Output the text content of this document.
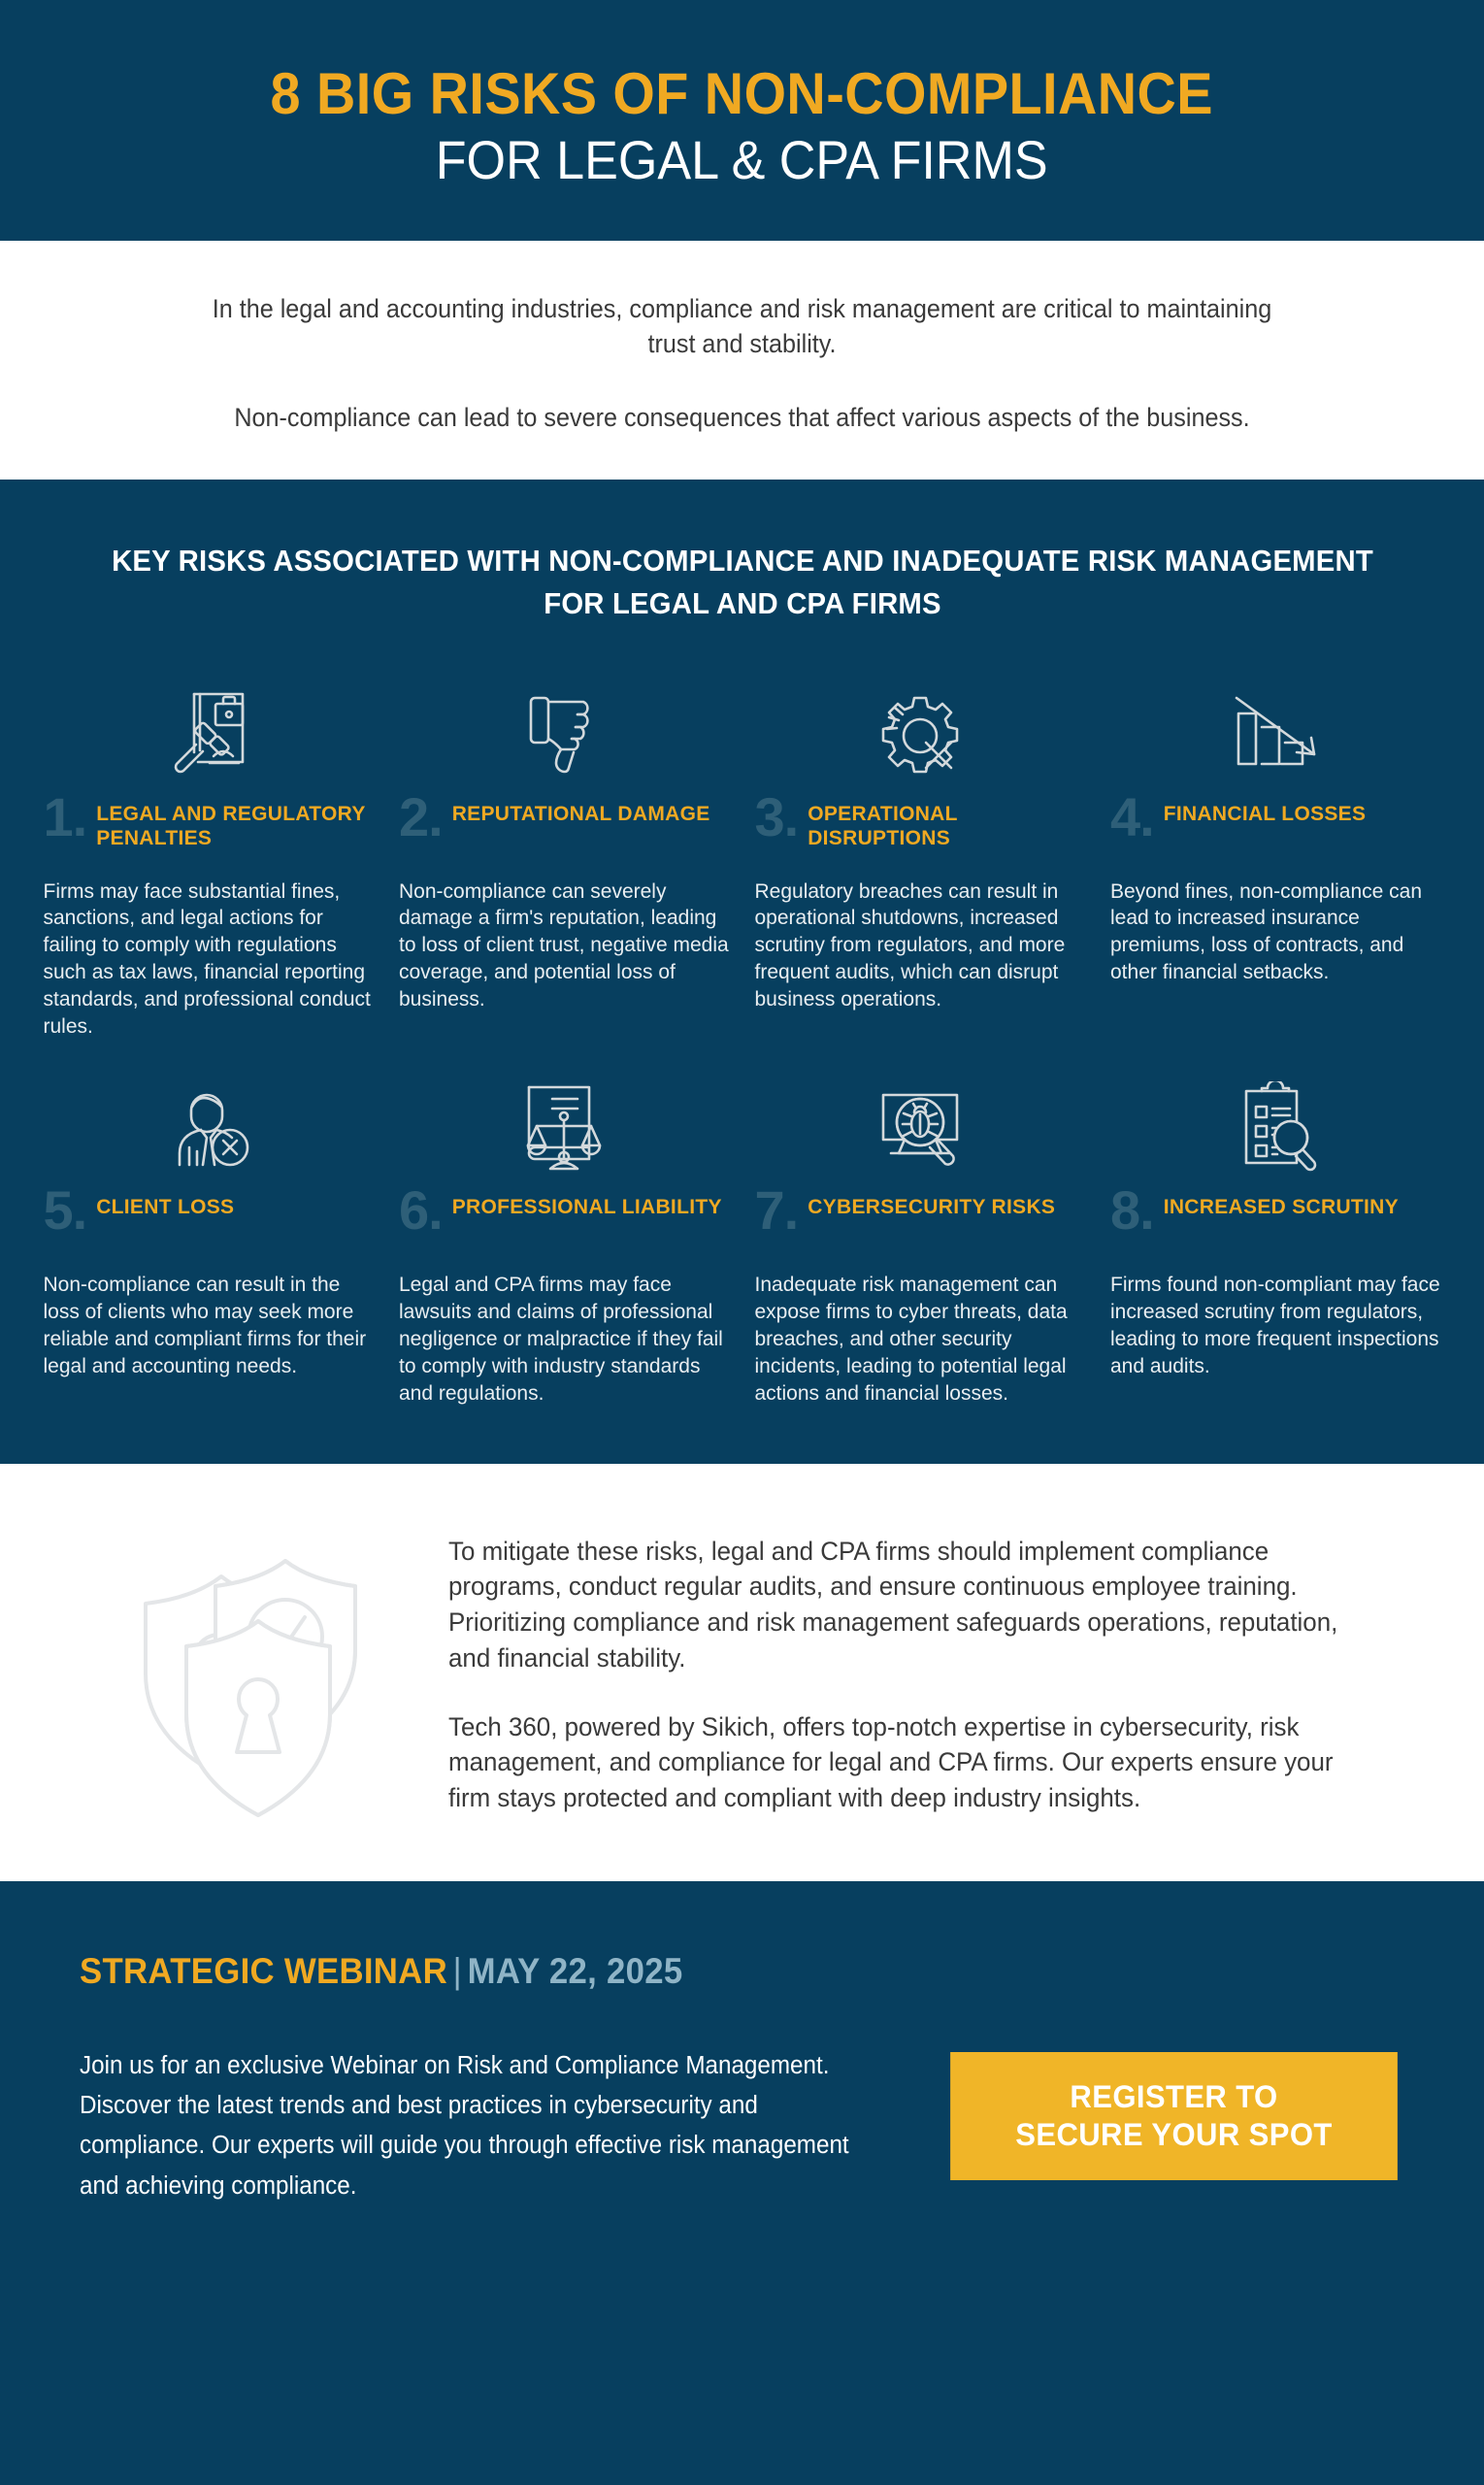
8 BIG RISKS OF NON-COMPLIANCE
FOR LEGAL & CPA FIRMS

In the legal and accounting industries, compliance and risk management are critical to maintaining trust and stability.

Non-compliance can lead to severe consequences that affect various aspects of the business.

KEY RISKS ASSOCIATED WITH NON-COMPLIANCE AND INADEQUATE RISK MANAGEMENT FOR LEGAL AND CPA FIRMS
1. LEGAL AND REGULATORY PENALTIES

Firms may face substantial fines, sanctions, and legal actions for failing to comply with regulations such as tax laws, financial reporting standards, and professional conduct rules.

2. REPUTATIONAL DAMAGE

Non-compliance can severely damage a firm's reputation, leading to loss of client trust, negative media coverage, and potential loss of business.

3. OPERATIONAL DISRUPTIONS

Regulatory breaches can result in operational shutdowns, increased scrutiny from regulators, and more frequent audits, which can disrupt business operations.

4. FINANCIAL LOSSES

Beyond fines, non-compliance can lead to increased insurance premiums, loss of contracts, and other financial setbacks.

5. CLIENT LOSS

Non-compliance can result in the loss of clients who may seek more reliable and compliant firms for their legal and accounting needs.

6. PROFESSIONAL LIABILITY

Legal and CPA firms may face lawsuits and claims of professional negligence or malpractice if they fail to comply with industry standards and regulations.

7. CYBERSECURITY RISKS

Inadequate risk management can expose firms to cyber threats, data breaches, and other security incidents, leading to potential legal actions and financial losses.

8. INCREASED SCRUTINY

Firms found non-compliant may face increased scrutiny from regulators, leading to more frequent inspections and audits.

To mitigate these risks, legal and CPA firms should implement compliance programs, conduct regular audits, and ensure continuous employee training. Prioritizing compliance and risk management safeguards operations, reputation, and financial stability.

Tech 360, powered by Sikich, offers top-notch expertise in cybersecurity, risk management, and compliance for legal and CPA firms. Our experts ensure your firm stays protected and compliant with deep industry insights.

STRATEGIC WEBINAR | MAY 22, 2025

Join us for an exclusive Webinar on Risk and Compliance Management. Discover the latest trends and best practices in cybersecurity and compliance. Our experts will guide you through effective risk management and achieving compliance.

REGISTER TO
SECURE YOUR SPOT
